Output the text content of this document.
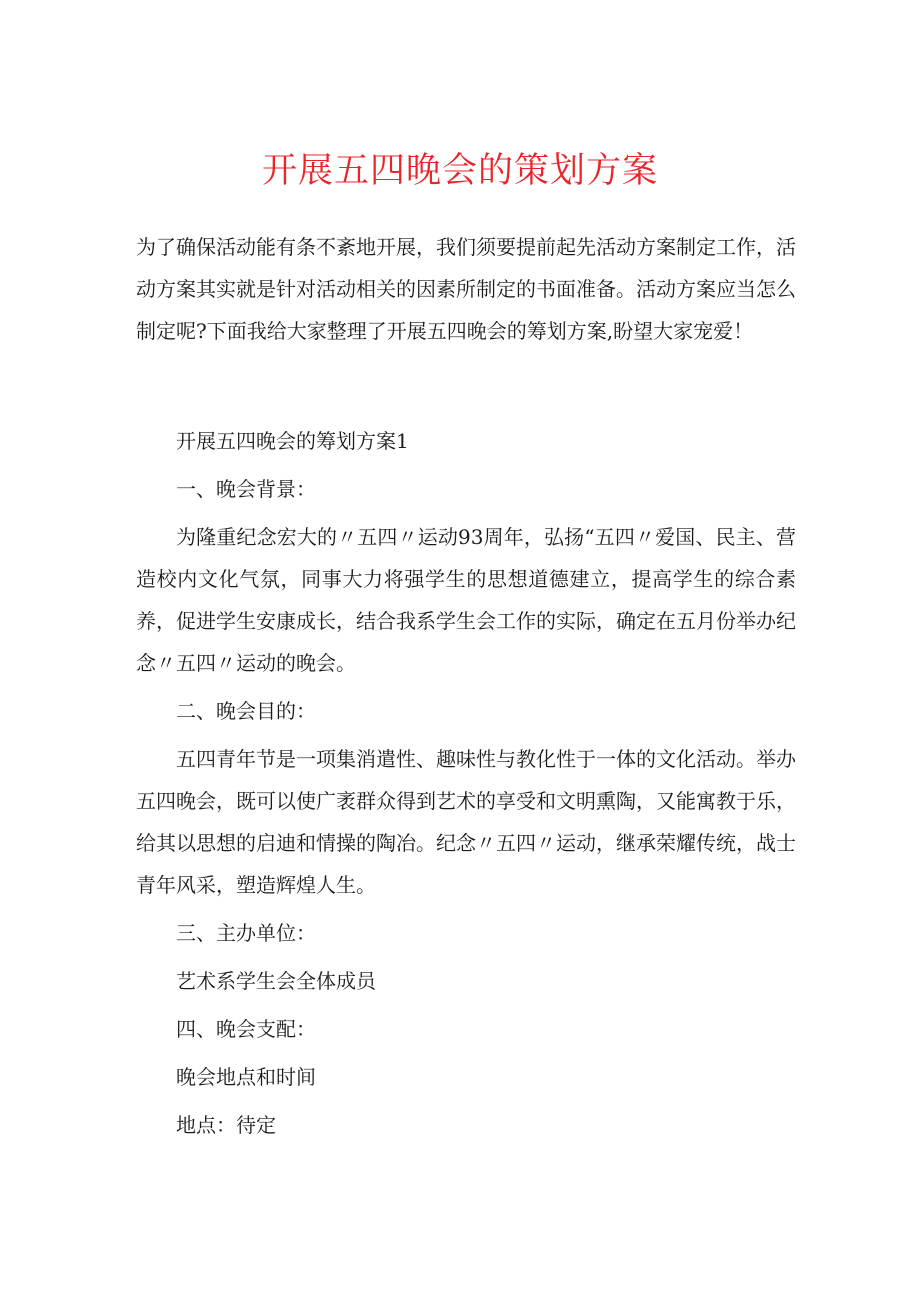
开展五四晚会的策划方案

为了确保活动能有条不紊地开展，我们须要提前起先活动方案制定工作，活动方案其实就是针对活动相关的因素所制定的书面准备。活动方案应当怎么制定呢?下面我给大家整理了开展五四晚会的筹划方案,盼望大家宠爱！

开展五四晚会的筹划方案1

一、晚会背景：

为隆重纪念宏大的〃五四〃运动93周年，弘扬“五四〃爱国、民主、营造校内文化气氛，同事大力将强学生的思想道德建立，提高学生的综合素养，促进学生安康成长，结合我系学生会工作的实际，确定在五月份举办纪念〃五四〃运动的晚会。

二、晚会目的：

五四青年节是一项集消遣性、趣味性与教化性于一体的文化活动。举办五四晚会，既可以使广袤群众得到艺术的享受和文明熏陶，又能寓教于乐，给其以思想的启迪和情操的陶冶。纪念〃五四〃运动，继承荣耀传统，战士青年风采，塑造辉煌人生。

三、主办单位：

艺术系学生会全体成员

四、晚会支配：

晚会地点和时间

地点：待定
